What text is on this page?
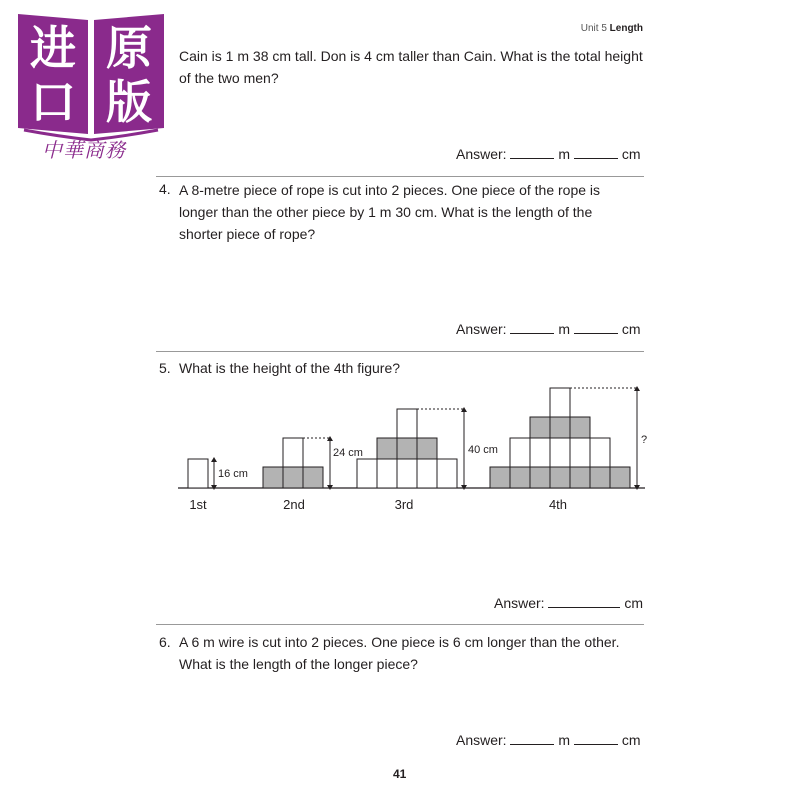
进 原
口 版
中華商務
Unit 5 Length
Cain is 1 m 38 cm tall. Don is 4 cm taller than Cain. What is the total height
of the two men?
Answer:	m	cm
4. A 8-metre piece of rope is cut into 2 pieces. One piece of the rope is
longer than the other piece by 1 m 30 cm. What is the length of the
shorter piece of rope?
Answer:	m	cm
5. What is the height of the 4th figure?
16 cm
24 cm	40 cm
?
1st	2nd	3rd	4th
Answer:	cm
6. A 6 m wire is cut into 2 pieces. One piece is 6 cm longer than the other.
What is the length of the longer piece?
Answer:	m	cm
41
